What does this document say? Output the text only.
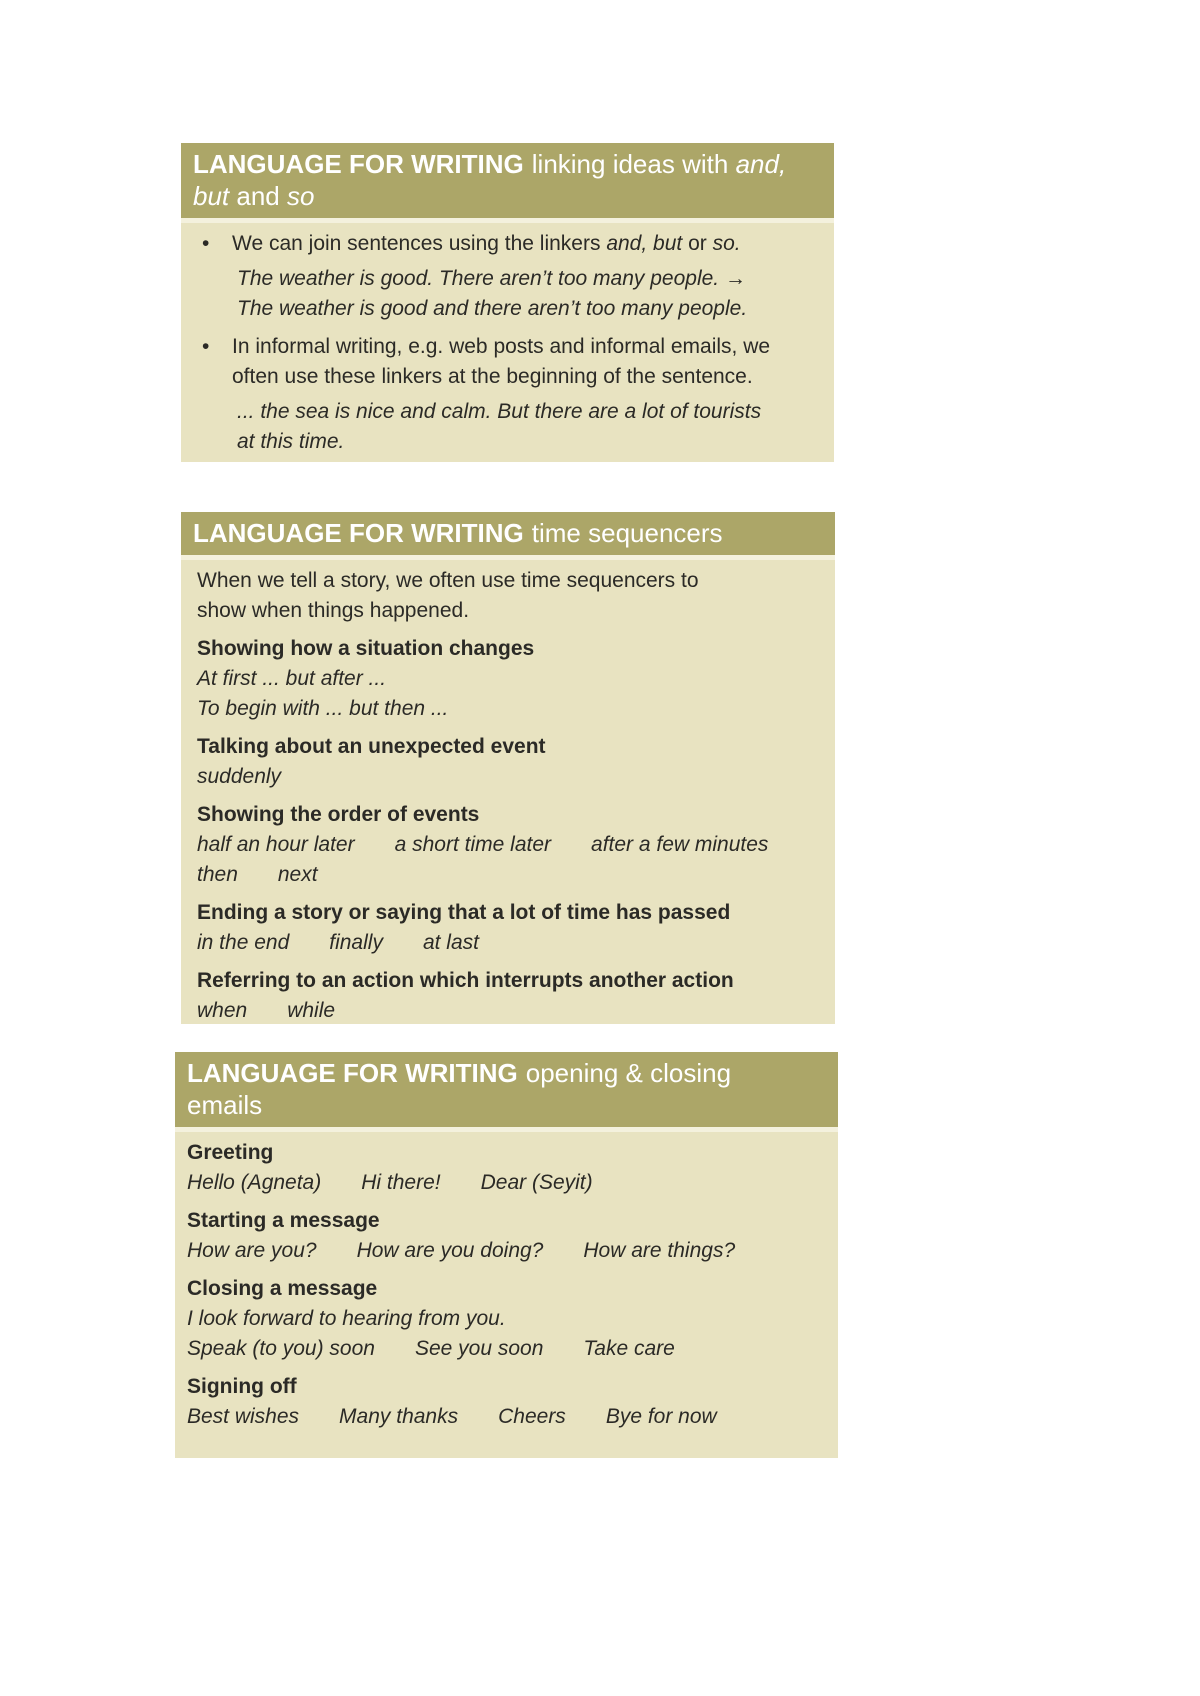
LANGUAGE FOR WRITING linking ideas with and,
but and so
•	We can join sentences using the linkers and, but or so.
The weather is good. There aren’t too many people. →
The weather is good and there aren’t too many people.
•	In informal writing, e.g. web posts and informal emails, we
often use these linkers at the beginning of the sentence.
... the sea is nice and calm. But there are a lot of tourists
at this time.
LANGUAGE FOR WRITING time sequencers
When we tell a story, we often use time sequencers to
show when things happened.
Showing how a situation changes
At first ... but after ...
To begin with ... but then ...
Talking about an unexpected event
suddenly
Showing the order of events
half an hour later a short time later after a few minutes
then next
Ending a story or saying that a lot of time has passed
in the end finally at last
Referring to an action which interrupts another action
when while
LANGUAGE FOR WRITING opening & closing
emails
Greeting
Hello (Agneta) Hi there! Dear (Seyit)
Starting a message
How are you? How are you doing? How are things?
Closing a message
I look forward to hearing from you.
Speak (to you) soon See you soon Take care
Signing off
Best wishes Many thanks Cheers Bye for now
